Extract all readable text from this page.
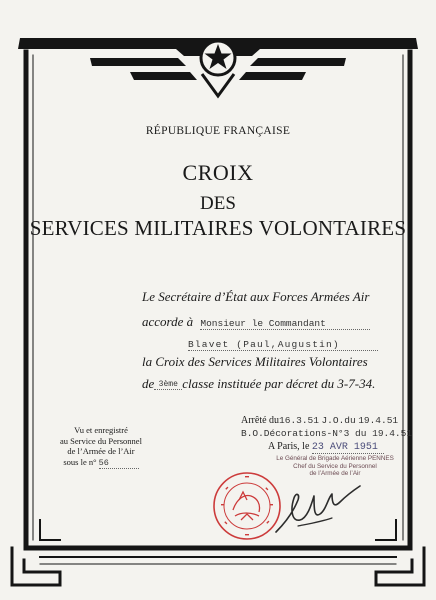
RÉPUBLIQUE FRANÇAISE
CROIX
DES
SERVICES MILITAIRES VOLONTAIRES
Le Secrétaire d’État aux Forces Armées Air
accorde à Monsieur le Commandant
Blavet (Paul,Augustin)
la Croix des Services Militaires Volontaires
de 3ème classe instituée par décret du 3-7-34.
Vu et enregistré
au Service du Personnel
de l’Armée de l’Air
sous le n° 56
Arrêté du16.3.51 J.O.du 19.4.51
B.O.Décorations-N°3 du 19.4.51
A Paris, le 23 AVR 1951
Le Général de Brigade Aérienne PENNES
Chef du Service du Personnel
de l’Armée de l’Air
